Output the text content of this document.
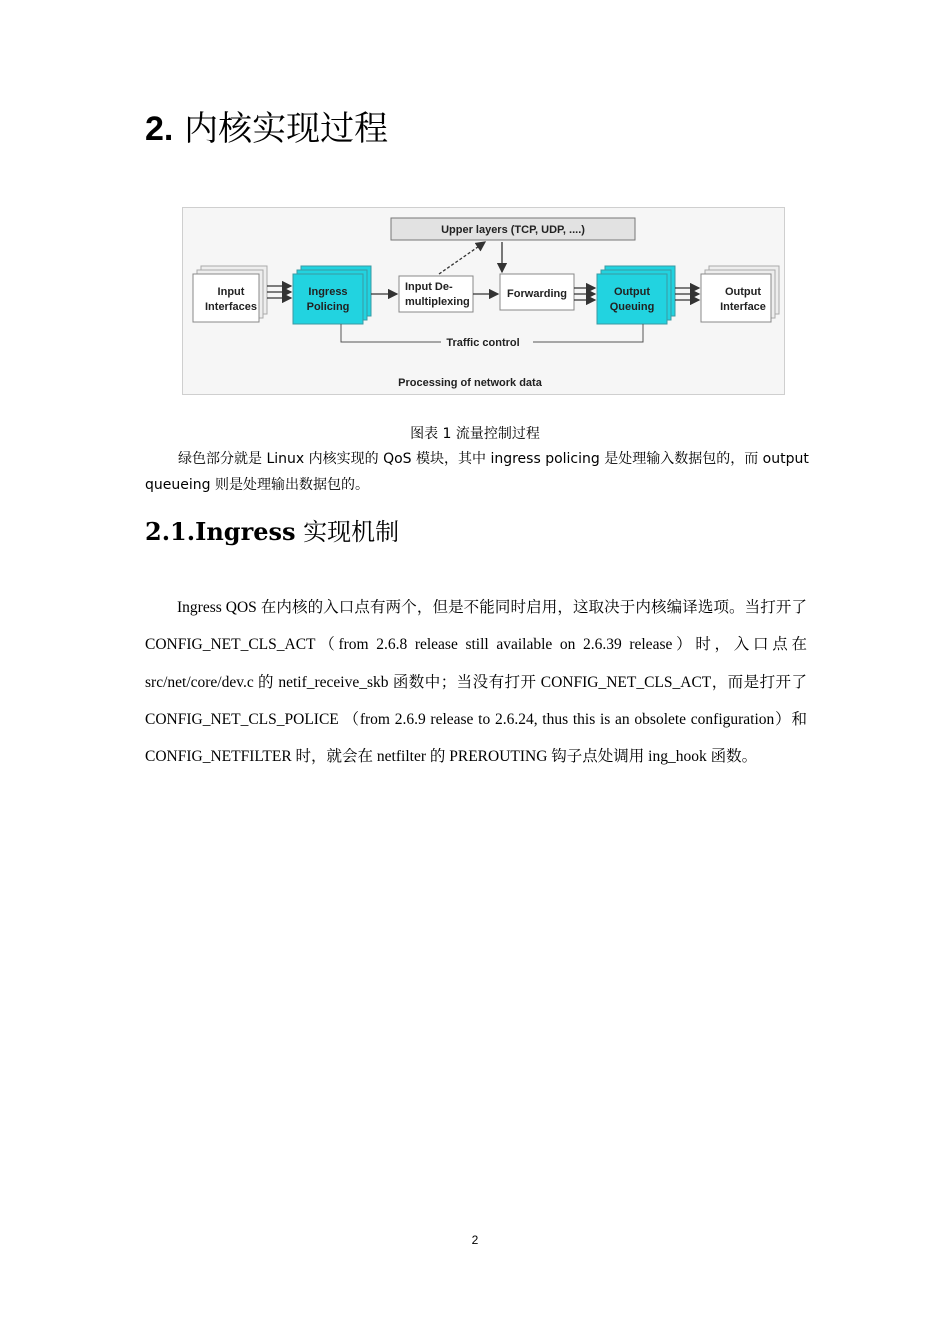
2. 内核实现过程
Upper layers (TCP, UDP, ....)
Input
Interfaces
Ingress
Policing
Input De-
multiplexing
Forwarding	Output
Queuing
Output
Interface
Traffic control
Processing of network data
图表 1 流量控制过程

绿色部分就是 Linux 内核实现的 QoS 模块，其中 ingress policing 是处理输入数据包的，而 output queueing 则是处理输出数据包的。

2.1.Ingress 实现机制

Ingress QOS 在内核的入口点有两个，但是不能同时启用，这取决于内核编译选项。当打开了 CONFIG_NET_CLS_ACT（from 2.6.8 release still available on 2.6.39 release）时，入口点在 src/net/core/dev.c 的 netif_receive_skb 函数中；当没有打开 CONFIG_NET_CLS_ACT，而是打开了 CONFIG_NET_CLS_POLICE （from 2.6.9 release to 2.6.24, thus this is an obsolete configuration）和 CONFIG_NETFILTER 时，就会在 netfilter 的 PREROUTING 钩子点处调用 ing_hook 函数。

2
